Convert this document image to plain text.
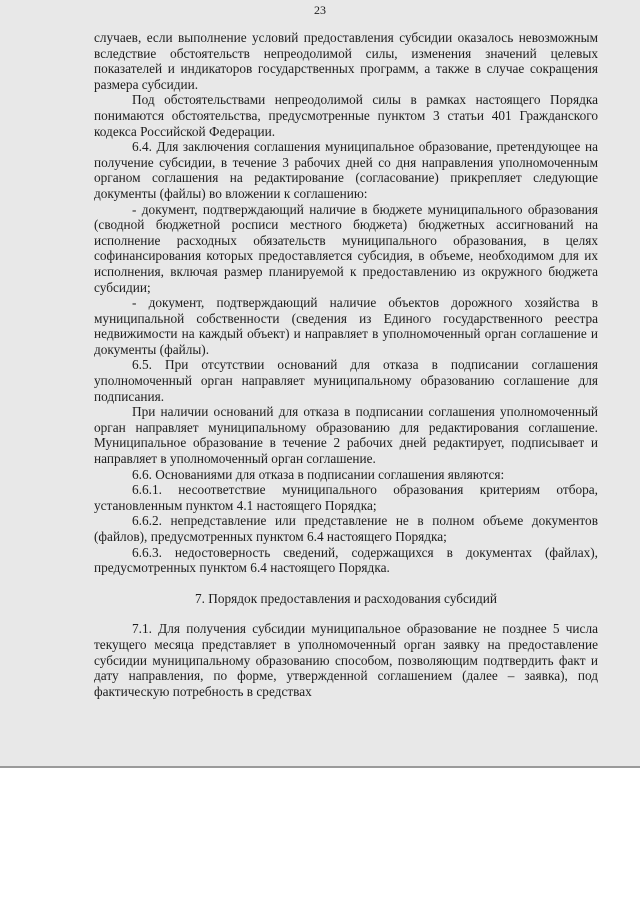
23

случаев, если выполнение условий предоставления субсидии оказалось невозможным вследствие обстоятельств непреодолимой силы, изменения значений целевых показателей и индикаторов государственных программ, а также в случае сокращения размера субсидии.

Под обстоятельствами непреодолимой силы в рамках настоящего Порядка понимаются обстоятельства, предусмотренные пунктом 3 статьи 401 Гражданского кодекса Российской Федерации.

6.4. Для заключения соглашения муниципальное образование, претендующее на получение субсидии, в течение 3 рабочих дней со дня направления уполномоченным органом соглашения на редактирование (согласование) прикрепляет следующие документы (файлы) во вложении к соглашению:

- документ, подтверждающий наличие в бюджете муниципального образования (сводной бюджетной росписи местного бюджета) бюджетных ассигнований на исполнение расходных обязательств муниципального образования, в целях софинансирования которых предоставляется субсидия, в объеме, необходимом для их исполнения, включая размер планируемой к предоставлению из окружного бюджета субсидии;

- документ, подтверждающий наличие объектов дорожного хозяйства в муниципальной собственности (сведения из Единого государственного реестра недвижимости на каждый объект) и направляет в уполномоченный орган соглашение и документы (файлы).

6.5. При отсутствии оснований для отказа в подписании соглашения уполномоченный орган направляет муниципальному образованию соглашение для подписания.

При наличии оснований для отказа в подписании соглашения уполномоченный орган направляет муниципальному образованию для редактирования соглашение. Муниципальное образование в течение 2 рабочих дней редактирует, подписывает и направляет в уполномоченный орган соглашение.

6.6. Основаниями для отказа в подписании соглашения являются:

6.6.1. несоответствие муниципального образования критериям отбора, установленным пунктом 4.1 настоящего Порядка;

6.6.2. непредставление или представление не в полном объеме документов (файлов), предусмотренных пунктом 6.4 настоящего Порядка;

6.6.3. недостоверность сведений, содержащихся в документах (файлах), предусмотренных пунктом 6.4 настоящего Порядка.

7. Порядок предоставления и расходования субсидий

7.1. Для получения субсидии муниципальное образование не позднее 5 числа текущего месяца представляет в уполномоченный орган заявку на предоставление субсидии муниципальному образованию способом, позволяющим подтвердить факт и дату направления, по форме, утвержденной соглашением (далее – заявка), под фактическую потребность в средствах
